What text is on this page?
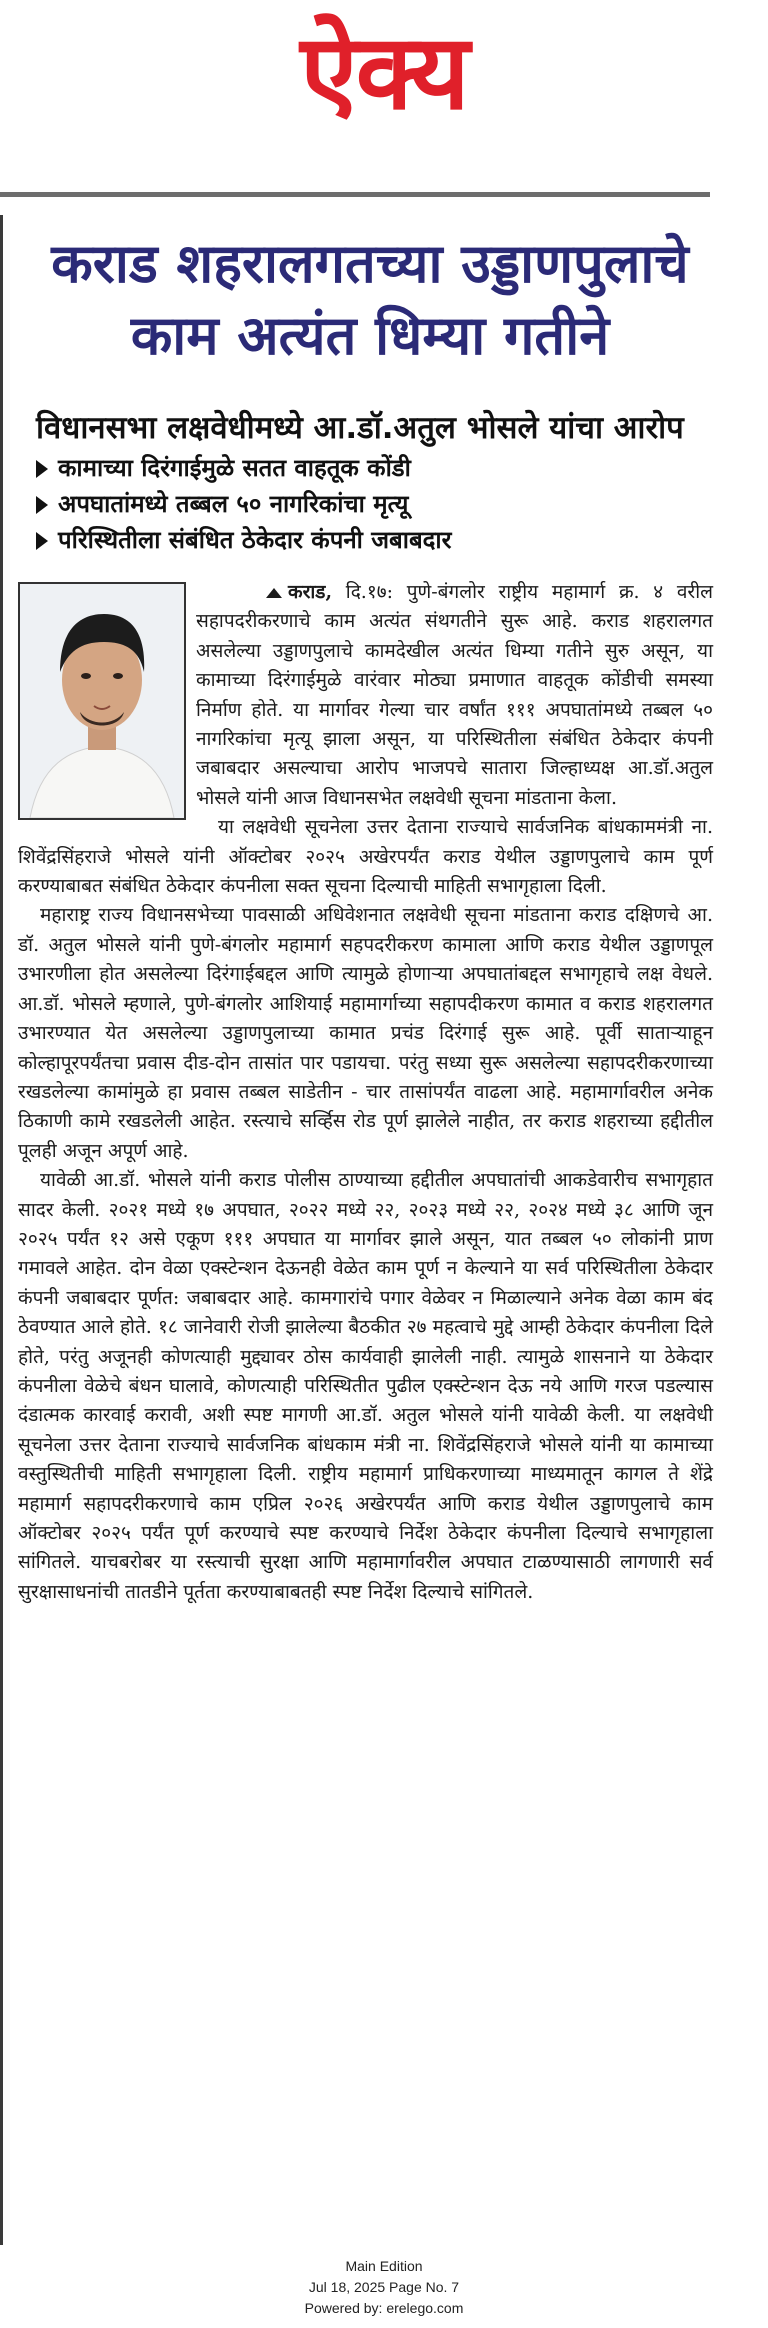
ऐक्य
कराड शहरालगतच्या उड्डाणपुलाचे काम अत्यंत धिम्या गतीने
विधानसभा लक्षवेधीमध्ये आ.डॉ.अतुल भोसले यांचा आरोप
कामाच्या दिरंगाईमुळे सतत वाहतूक कोंडी
अपघातांमध्ये तब्बल ५० नागरिकांचा मृत्यू
परिस्थितीला संबंधित ठेकेदार कंपनी जबाबदार

कराड, दि.१७: पुणे-बंगलोर राष्ट्रीय महामार्ग क्र. ४ वरील सहापदरीकरणाचे काम अत्यंत संथगतीने सुरू आहे. कराड शहरालगत असलेल्या उड्डाणपुलाचे कामदेखील अत्यंत धिम्या गतीने सुरु असून, या कामाच्या दिरंगाईमुळे वारंवार मोठ्या प्रमाणात वाहतूक कोंडीची समस्या निर्माण होते. या मार्गावर गेल्या चार वर्षांत १११ अपघातांमध्ये तब्बल ५० नागरिकांचा मृत्यू झाला असून, या परिस्थितीला संबंधित ठेकेदार कंपनी जबाबदार असल्याचा आरोप भाजपचे सातारा जिल्हाध्यक्ष आ.डॉ.अतुल भोसले यांनी आज विधानसभेत लक्षवेधी सूचना मांडताना केला.

या लक्षवेधी सूचनेला उत्तर देताना राज्याचे सार्वजनिक बांधकाममंत्री ना. शिवेंद्रसिंहराजे भोसले यांनी ऑक्टोबर २०२५ अखेरपर्यंत कराड येथील उड्डाणपुलाचे काम पूर्ण करण्याबाबत संबंधित ठेकेदार कंपनीला सक्त सूचना दिल्याची माहिती सभागृहाला दिली.

महाराष्ट्र राज्य विधानसभेच्या पावसाळी अधिवेशनात लक्षवेधी सूचना मांडताना कराड दक्षिणचे आ. डॉ. अतुल भोसले यांनी पुणे-बंगलोर महामार्ग सहपदरीकरण कामाला आणि कराड येथील उड्डाणपूल उभारणीला होत असलेल्या दिरंगाईबद्दल आणि त्यामुळे होणाऱ्या अपघातांबद्दल सभागृहाचे लक्ष वेधले. आ.डॉ. भोसले म्हणाले, पुणे-बंगलोर आशियाई महामार्गाच्या सहापदीकरण कामात व कराड शहरालगत उभारण्यात येत असलेल्या उड्डाणपुलाच्या कामात प्रचंड दिरंगाई सुरू आहे. पूर्वी साताऱ्याहून कोल्हापूरपर्यंतचा प्रवास दीड-दोन तासांत पार पडायचा. परंतु सध्या सुरू असलेल्या सहापदरीकरणाच्या रखडलेल्या कामांमुळे हा प्रवास तब्बल साडेतीन - चार तासांपर्यंत वाढला आहे. महामार्गावरील अनेक ठिकाणी कामे रखडलेली आहेत. रस्त्याचे सर्व्हिस रोड पूर्ण झालेले नाहीत, तर कराड शहराच्या हद्दीतील पूलही अजून अपूर्ण आहे.

यावेळी आ.डॉ. भोसले यांनी कराड पोलीस ठाण्याच्या हद्दीतील अपघातांची आकडेवारीच सभागृहात सादर केली. २०२१ मध्ये १७ अपघात, २०२२ मध्ये २२, २०२३ मध्ये २२, २०२४ मध्ये ३८ आणि जून २०२५ पर्यंत १२ असे एकूण १११ अपघात या मार्गावर झाले असून, यात तब्बल ५० लोकांनी प्राण गमावले आहेत. दोन वेळा एक्स्टेन्शन देऊनही वेळेत काम पूर्ण न केल्याने या सर्व परिस्थितीला ठेकेदार कंपनी जबाबदार पूर्णत: जबाबदार आहे. कामगारांचे पगार वेळेवर न मिळाल्याने अनेक वेळा काम बंद ठेवण्यात आले होते. १८ जानेवारी रोजी झालेल्या बैठकीत २७ महत्वाचे मुद्दे आम्ही ठेकेदार कंपनीला दिले होते, परंतु अजूनही कोणत्याही मुद्द्यावर ठोस कार्यवाही झालेली नाही. त्यामुळे शासनाने या ठेकेदार कंपनीला वेळेचे बंधन घालावे, कोणत्याही परिस्थितीत पुढील एक्स्टेन्शन देऊ नये आणि गरज पडल्यास दंडात्मक कारवाई करावी, अशी स्पष्ट मागणी आ.डॉ. अतुल भोसले यांनी यावेळी केली. या लक्षवेधी सूचनेला उत्तर देताना राज्याचे सार्वजनिक बांधकाम मंत्री ना. शिवेंद्रसिंहराजे भोसले यांनी या कामाच्या वस्तुस्थितीची माहिती सभागृहाला दिली. राष्ट्रीय महामार्ग प्राधिकरणाच्या माध्यमातून कागल ते शेंद्रे महामार्ग सहापदरीकरणाचे काम एप्रिल २०२६ अखेरपर्यंत आणि कराड येथील उड्डाणपुलाचे काम ऑक्टोबर २०२५ पर्यंत पूर्ण करण्याचे स्पष्ट करण्याचे निर्देश ठेकेदार कंपनीला दिल्याचे सभागृहाला सांगितले. याचबरोबर या रस्त्याची सुरक्षा आणि महामार्गावरील अपघात टाळण्यासाठी लागणारी सर्व सुरक्षासाधनांची तातडीने पूर्तता करण्याबाबतही स्पष्ट निर्देश दिल्याचे सांगितले.

Main Edition
Jul 18, 2025 Page No. 7
Powered by: erelego.com
